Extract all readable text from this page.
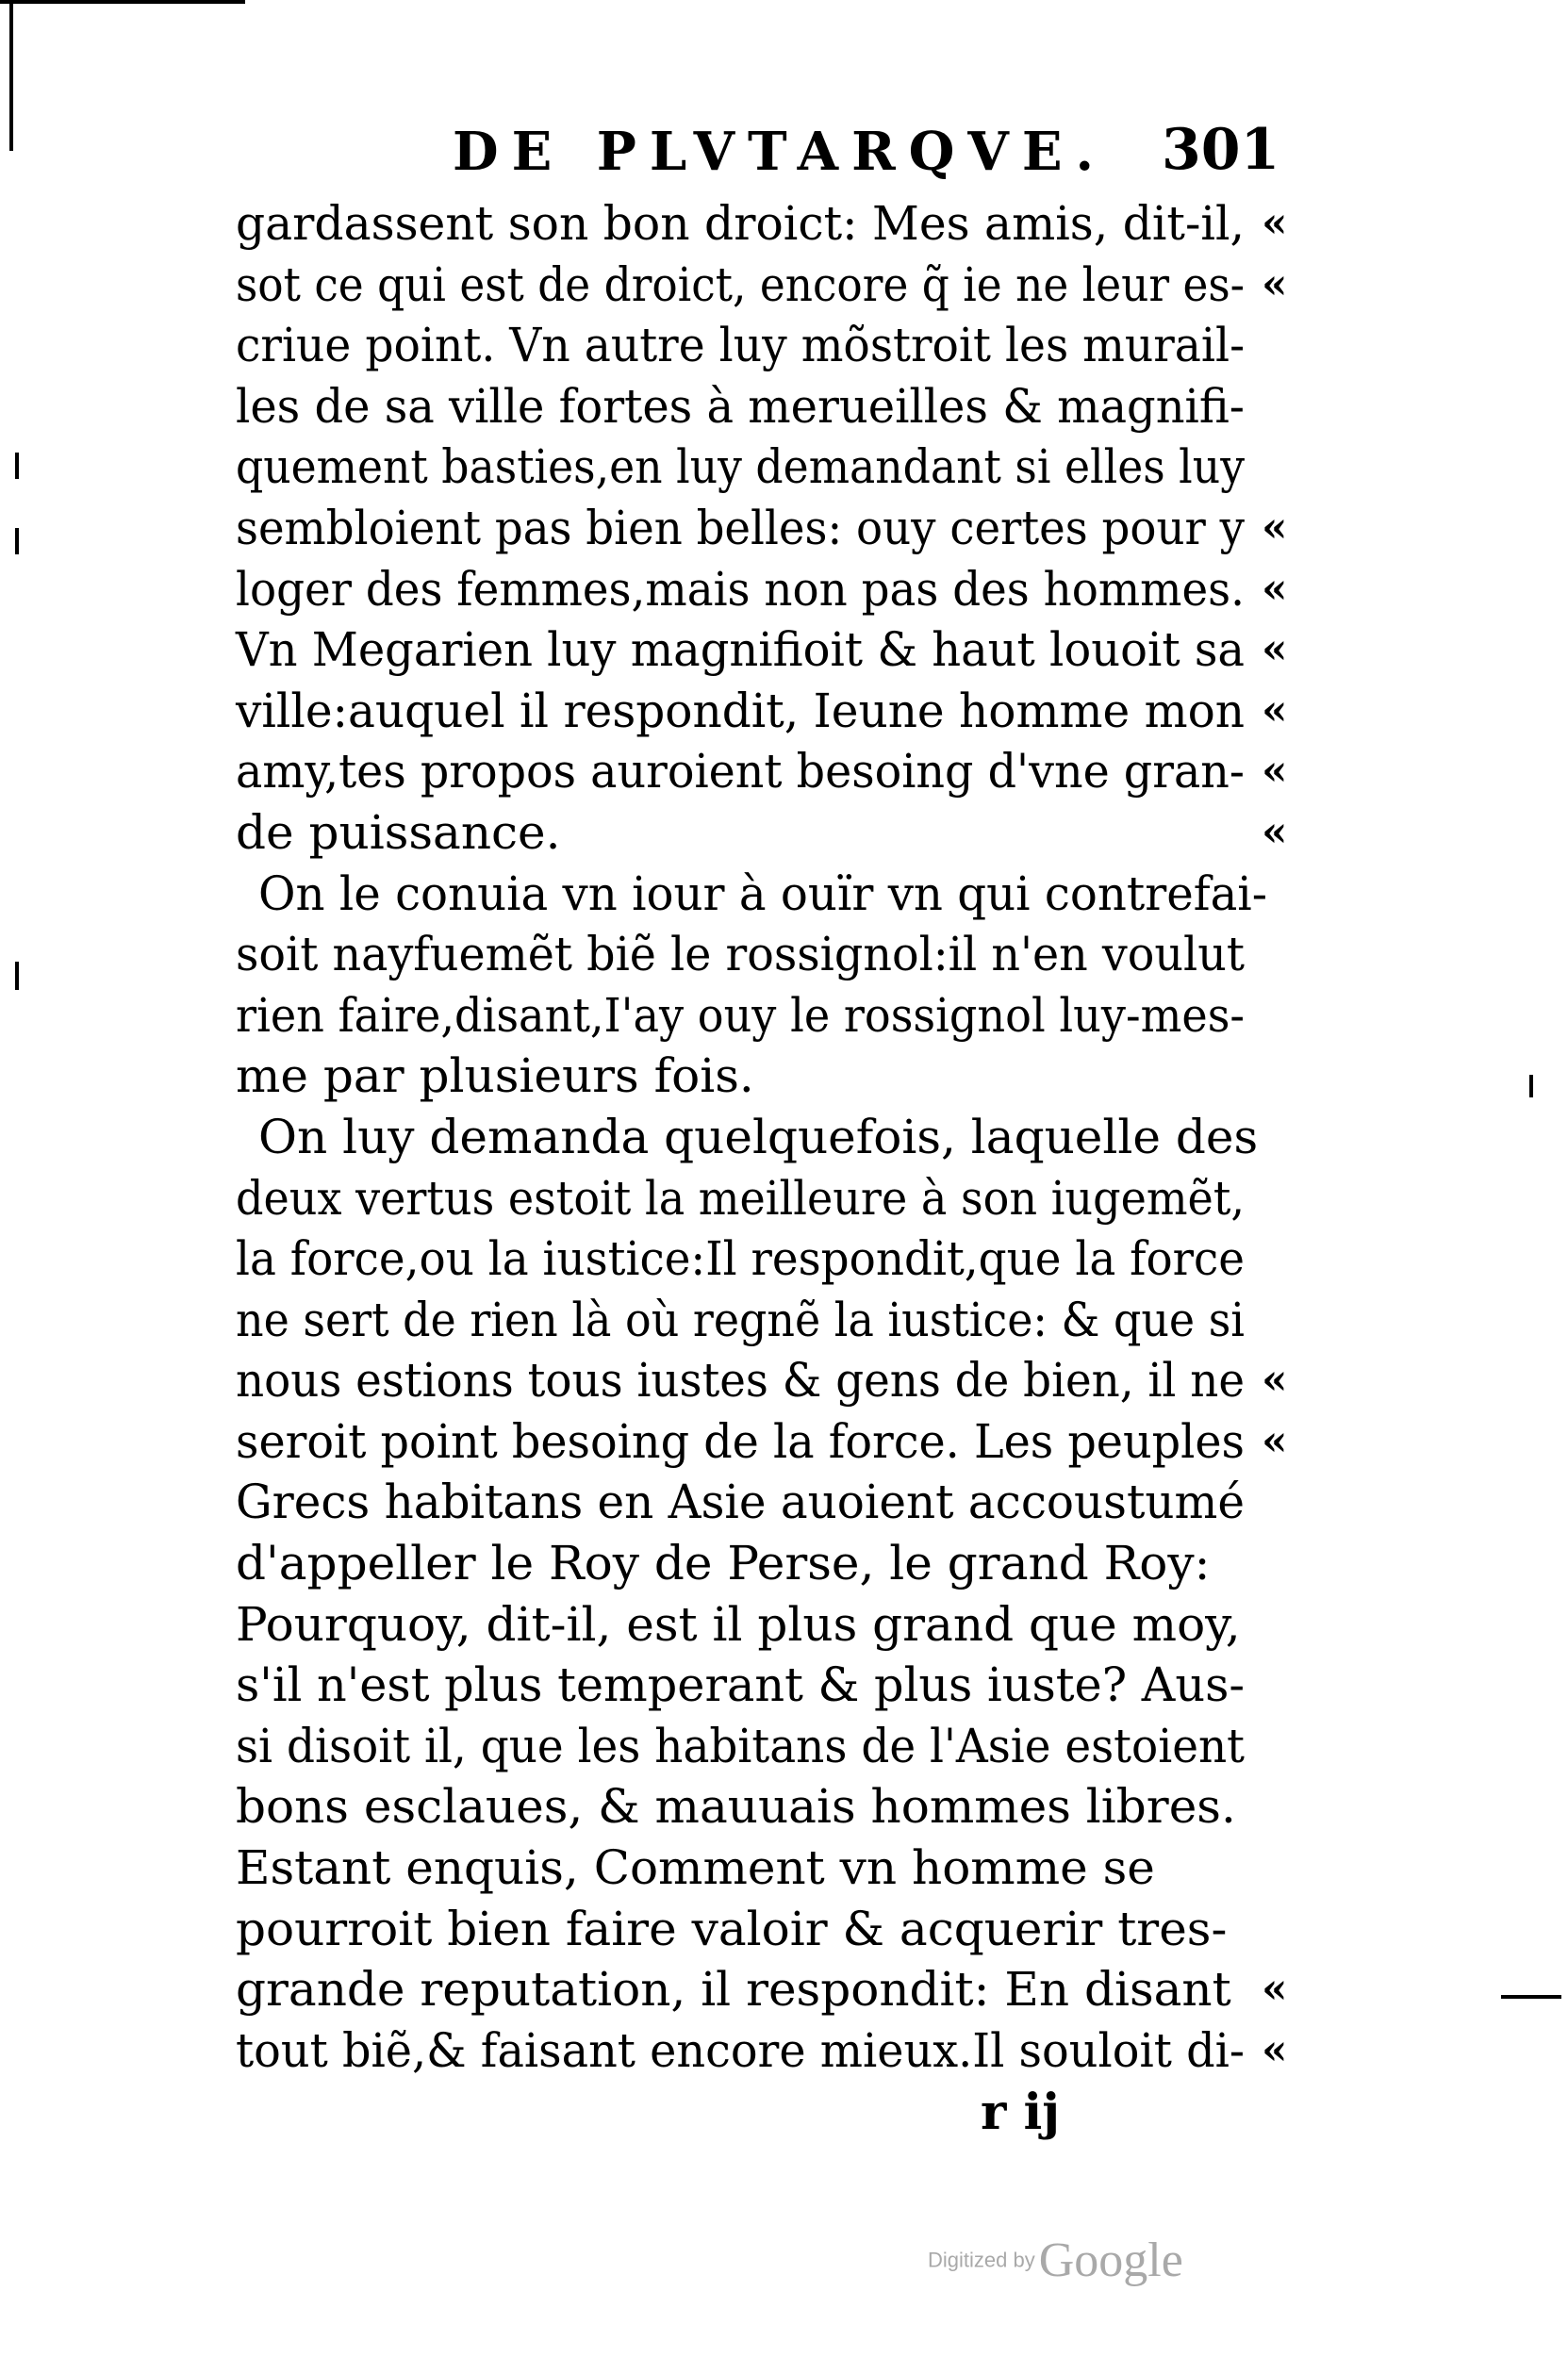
DE PLVTARQVE. 301
gardassent son bon droict: Mes amis, dit-il, «
sot ce qui est de droict, encore q̃ ie ne leur es- «
criue point. Vn autre luy mõstroit les murail-
les de sa ville fortes à merueilles & magnifi-
quement basties,en luy demandant si elles luy
sembloient pas bien belles: ouy certes pour y «
loger des femmes,mais non pas des hommes. «
Vn Megarien luy magnifioit & haut louoit sa «
ville:auquel il respondit, Ieune homme mon «
amy,tes propos auroient besoing d'vne gran- «
de puissance.	«
On le conuia vn iour à ouïr vn qui contrefai-
soit nayfuemẽt biẽ le rossignol:il n'en voulut
rien faire,disant,I'ay ouy le rossignol luy-mes-
me par plusieurs fois.
On luy demanda quelquefois, laquelle des
deux vertus estoit la meilleure à son iugemẽt,
la force,ou la iustice:Il respondit,que la force
ne sert de rien là où regnẽ la iustice: & que si
nous estions tous iustes & gens de bien, il ne «
seroit point besoing de la force. Les peuples «
Grecs habitans en Asie auoient accoustumé
d'appeller le Roy de Perse, le grand Roy:
Pourquoy, dit-il, est il plus grand que moy,
s'il n'est plus temperant & plus iuste? Aus-
si disoit il, que les habitans de l'Asie estoient
bons esclaues, & mauuais hommes libres.
Estant enquis, Comment vn homme se
pourroit bien faire valoir & acquerir tres-
grande reputation, il respondit: En disant «
tout biẽ,& faisant encore mieux.Il souloit di- «
r ij
Digitized by Google
